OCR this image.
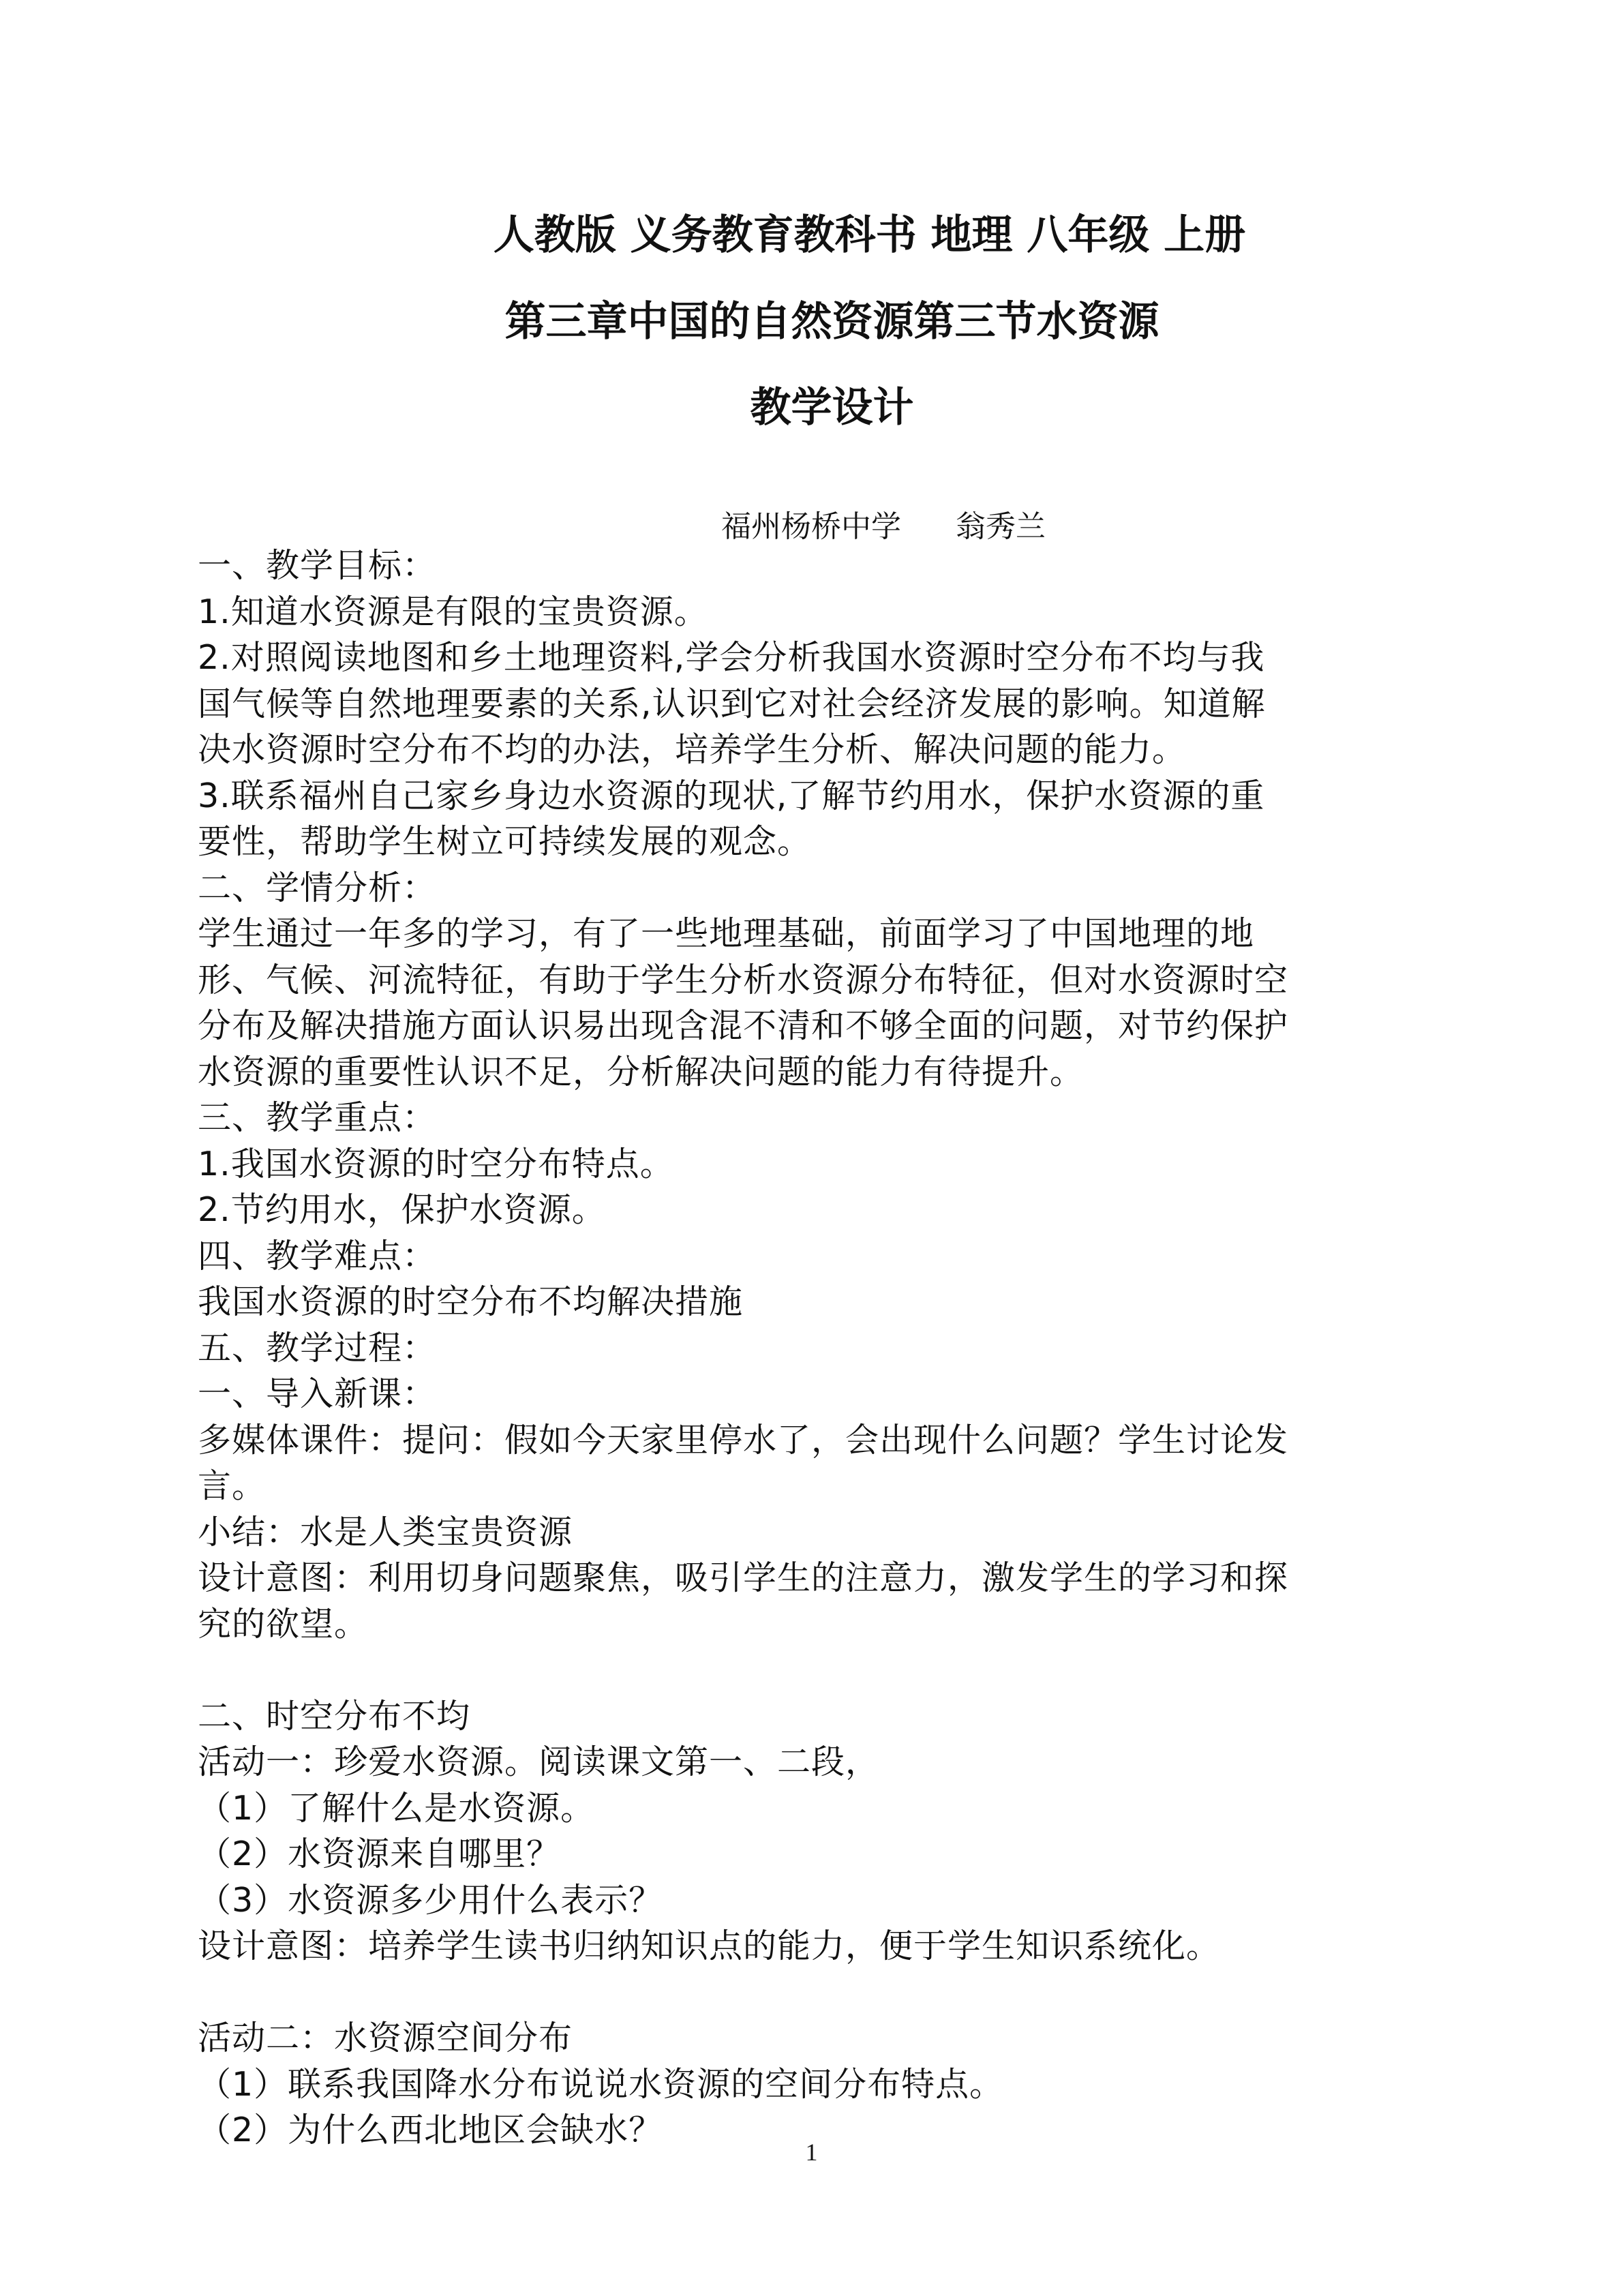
人教版 义务教育教科书 地理 八年级 上册
第三章中国的自然资源第三节水资源
教学设计
福州杨桥中学 翁秀兰

一、教学目标：

1.知道水资源是有限的宝贵资源。

2.对照阅读地图和乡土地理资料,学会分析我国水资源时空分布不均与我

国气候等自然地理要素的关系,认识到它对社会经济发展的影响。知道解

决水资源时空分布不均的办法，培养学生分析、解决问题的能力。

3.联系福州自己家乡身边水资源的现状,了解节约用水，保护水资源的重

要性，帮助学生树立可持续发展的观念。

二、学情分析：

学生通过一年多的学习，有了一些地理基础，前面学习了中国地理的地

形、气候、河流特征，有助于学生分析水资源分布特征，但对水资源时空

分布及解决措施方面认识易出现含混不清和不够全面的问题，对节约保护

水资源的重要性认识不足，分析解决问题的能力有待提升。

三、教学重点：

1.我国水资源的时空分布特点。

2.节约用水，保护水资源。

四、教学难点：

我国水资源的时空分布不均解决措施

五、教学过程：

一、导入新课：

多媒体课件：提问：假如今天家里停水了，会出现什么问题？学生讨论发

言。

小结：水是人类宝贵资源

设计意图：利用切身问题聚焦，吸引学生的注意力，激发学生的学习和探

究的欲望。

二、时空分布不均

活动一：珍爱水资源。阅读课文第一、二段，

（1）了解什么是水资源。

（2）水资源来自哪里？

（3）水资源多少用什么表示？

设计意图：培养学生读书归纳知识点的能力，便于学生知识系统化。

活动二：水资源空间分布

（1）联系我国降水分布说说水资源的空间分布特点。

（2）为什么西北地区会缺水？

1
